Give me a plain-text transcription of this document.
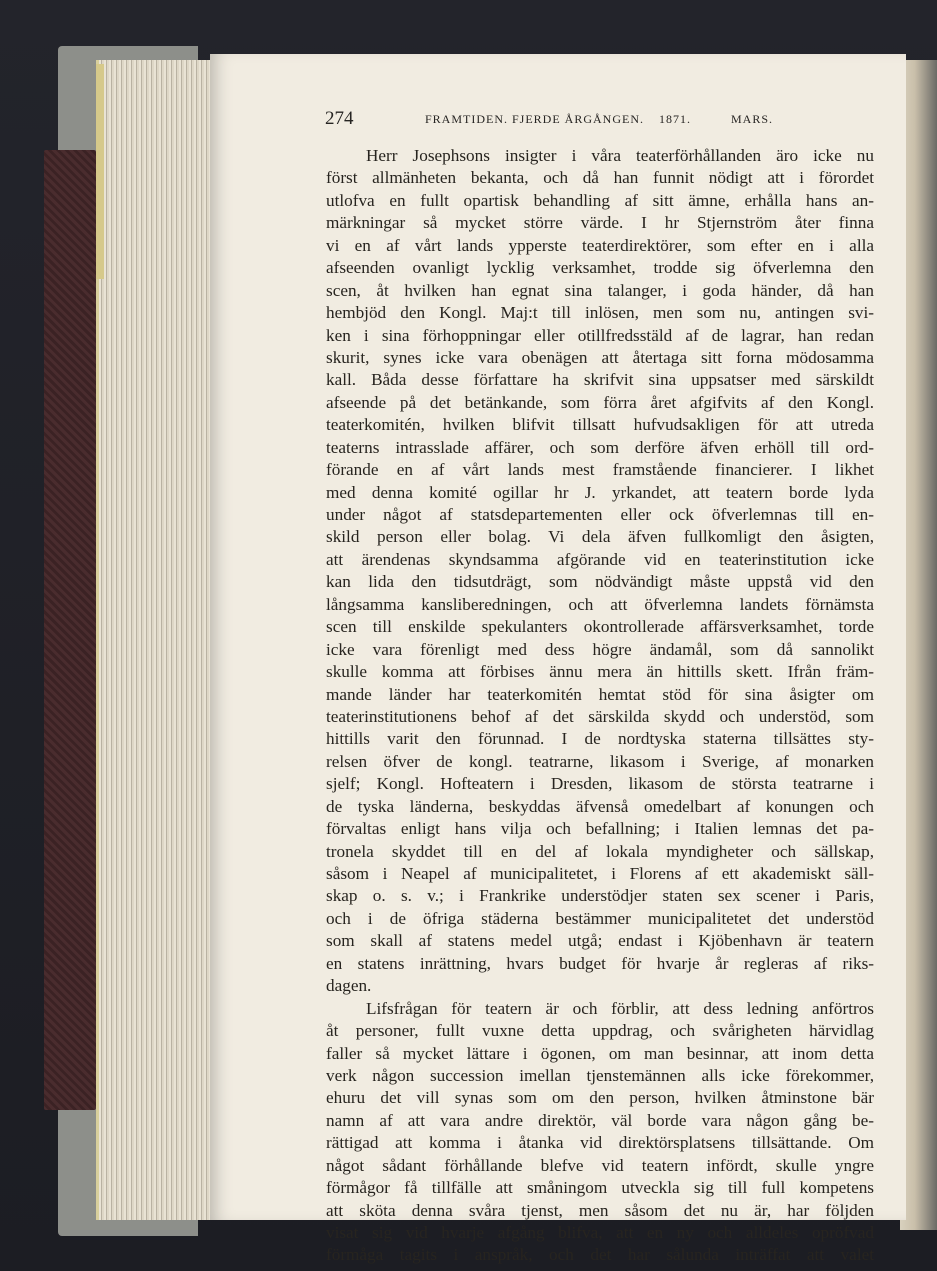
274	FRAMTIDEN. FJERDE ÅRGÅNGEN. 1871.	MARS.
Herr Josephsons insigter i våra teaterförhållanden äro icke nu
först allmänheten bekanta, och då han funnit nödigt att i förordet
utlofva en fullt opartisk behandling af sitt ämne, erhålla hans an-
märkningar så mycket större värde. I hr Stjernström åter finna
vi en af vårt lands ypperste teaterdirektörer, som efter en i alla
afseenden ovanligt lycklig verksamhet, trodde sig öfverlemna den
scen, åt hvilken han egnat sina talanger, i goda händer, då han
hembjöd den Kongl. Maj:t till inlösen, men som nu, antingen svi-
ken i sina förhoppningar eller otillfredsstäld af de lagrar, han redan
skurit, synes icke vara obenägen att återtaga sitt forna mödosamma
kall. Båda desse författare ha skrifvit sina uppsatser med särskildt
afseende på det betänkande, som förra året afgifvits af den Kongl.
teaterkomitén, hvilken blifvit tillsatt hufvudsakligen för att utreda
teaterns intrasslade affärer, och som derföre äfven erhöll till ord-
förande en af vårt lands mest framstående financierer. I likhet
med denna komité ogillar hr J. yrkandet, att teatern borde lyda
under något af statsdepartementen eller ock öfverlemnas till en-
skild person eller bolag. Vi dela äfven fullkomligt den åsigten,
att ärendenas skyndsamma afgörande vid en teaterinstitution icke
kan lida den tidsutdrägt, som nödvändigt måste uppstå vid den
långsamma kansliberedningen, och att öfverlemna landets förnämsta
scen till enskilde spekulanters okontrollerade affärsverksamhet, torde
icke vara förenligt med dess högre ändamål, som då sannolikt
skulle komma att förbises ännu mera än hittills skett. Ifrån främ-
mande länder har teaterkomitén hemtat stöd för sina åsigter om
teaterinstitutionens behof af det särskilda skydd och understöd, som
hittills varit den förunnad. I de nordtyska staterna tillsättes sty-
relsen öfver de kongl. teatrarne, likasom i Sverige, af monarken
sjelf; Kongl. Hofteatern i Dresden, likasom de största teatrarne i
de tyska länderna, beskyddas äfvenså omedelbart af konungen och
förvaltas enligt hans vilja och befallning; i Italien lemnas det pa-
tronela skyddet till en del af lokala myndigheter och sällskap,
såsom i Neapel af municipalitetet, i Florens af ett akademiskt säll-
skap o. s. v.; i Frankrike understödjer staten sex scener i Paris,
och i de öfriga städerna bestämmer municipalitetet det understöd
som skall af statens medel utgå; endast i Kjöbenhavn är teatern
en statens inrättning, hvars budget för hvarje år regleras af riks-
dagen.
Lifsfrågan för teatern är och förblir, att dess ledning anförtros
åt personer, fullt vuxne detta uppdrag, och svårigheten härvidlag
faller så mycket lättare i ögonen, om man besinnar, att inom detta
verk någon succession imellan tjenstemännen alls icke förekommer,
ehuru det vill synas som om den person, hvilken åtminstone bär
namn af att vara andre direktör, väl borde vara någon gång be-
rättigad att komma i åtanka vid direktörsplatsens tillsättande. Om
något sådant förhållande blefve vid teatern infördt, skulle yngre
förmågor få tillfälle att småningom utveckla sig till full kompetens
att sköta denna svåra tjenst, men såsom det nu är, har följden
visat sig vid hvarje afgång blifva, att en ny och alldeles opröfvad
förmåga tagits i anspråk, och det har sålunda inträffat att valet
